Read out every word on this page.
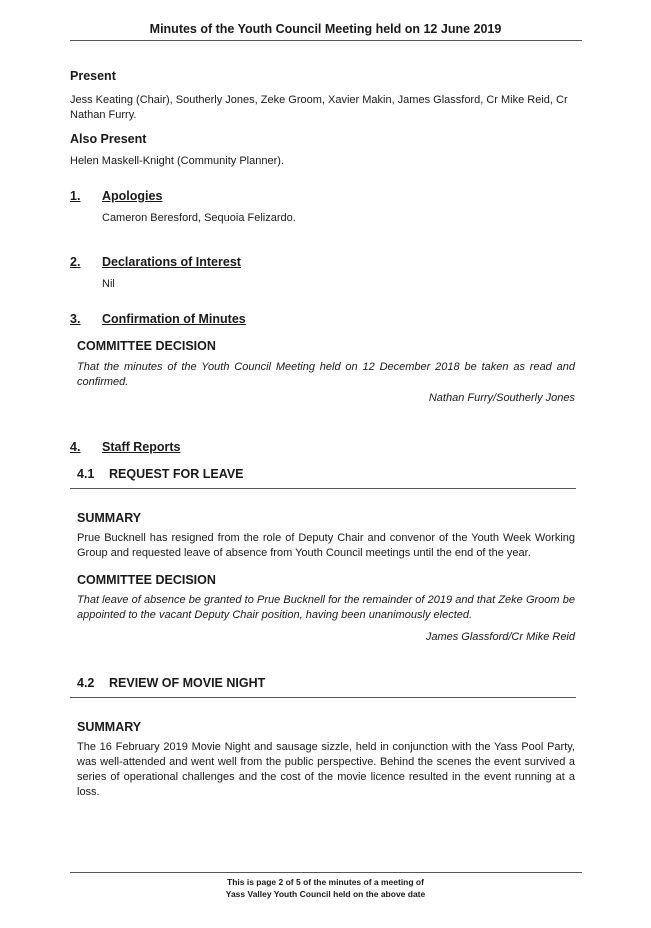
Minutes of the Youth Council Meeting held on 12 June 2019
Present

Jess Keating (Chair), Southerly Jones, Zeke Groom, Xavier Makin, James Glassford, Cr Mike Reid, Cr Nathan Furry.

Also Present

Helen Maskell-Knight (Community Planner).

1.	Apologies

Cameron Beresford, Sequoia Felizardo.

2.	Declarations of Interest

Nil

3.	Confirmation of Minutes
COMMITTEE DECISION

That the minutes of the Youth Council Meeting held on 12 December 2018 be taken as read and confirmed.

Nathan Furry/Southerly Jones

4.	Staff Reports
4.1	REQUEST FOR LEAVE
SUMMARY

Prue Bucknell has resigned from the role of Deputy Chair and convenor of the Youth Week Working Group and requested leave of absence from Youth Council meetings until the end of the year.

COMMITTEE DECISION

That leave of absence be granted to Prue Bucknell for the remainder of 2019 and that Zeke Groom be appointed to the vacant Deputy Chair position, having been unanimously elected.

James Glassford/Cr Mike Reid

4.2	REVIEW OF MOVIE NIGHT
SUMMARY

The 16 February 2019 Movie Night and sausage sizzle, held in conjunction with the Yass Pool Party, was well-attended and went well from the public perspective. Behind the scenes the event survived a series of operational challenges and the cost of the movie licence resulted in the event running at a loss.

This is page 2 of 5 of the minutes of a meeting of
Yass Valley Youth Council held on the above date
